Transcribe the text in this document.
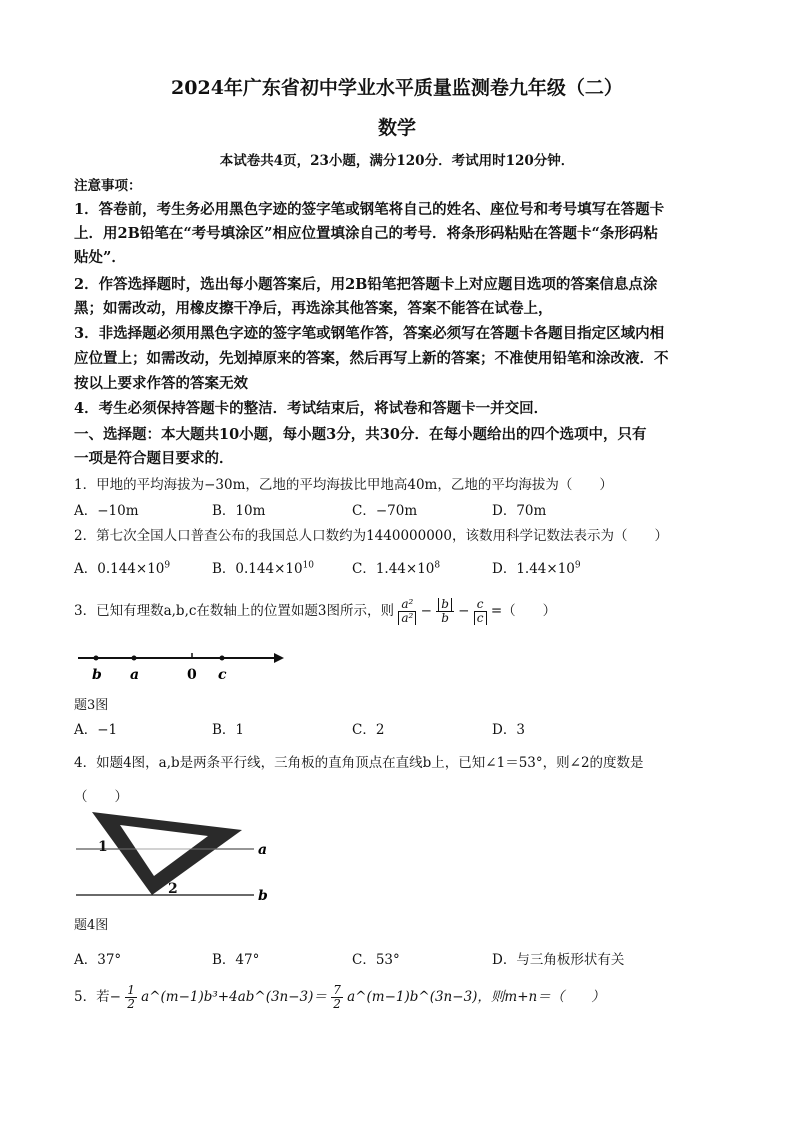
2024年广东省初中学业水平质量监测卷九年级（二）
数学
本试卷共4页，23小题，满分120分．考试用时120分钟．
注意事项：
1．答卷前，考生务必用黑色字迹的签字笔或钢笔将自己的姓名、座位号和考号填写在答题卡
上．用2B铅笔在“考号填涂区”相应位置填涂自己的考号．将条形码粘贴在答题卡“条形码粘
贴处”．
2．作答选择题时，选出每小题答案后，用2B铅笔把答题卡上对应题目选项的答案信息点涂
黑；如需改动，用橡皮擦干净后，再选涂其他答案，答案不能答在试卷上，
3．非选择题必须用黑色字迹的签字笔或钢笔作答，答案必须写在答题卡各题目指定区域内相
应位置上；如需改动，先划掉原来的答案，然后再写上新的答案；不准使用铅笔和涂改液．不
按以上要求作答的答案无效
4．考生必须保持答题卡的整洁．考试结束后，将试卷和答题卡一并交回．
一、选择题：本大题共10小题，每小题3分，共30分．在每小题给出的四个选项中，只有
一项是符合题目要求的．
1．甲地的平均海拔为−30m，乙地的平均海拔比甲地高40m，乙地的平均海拔为（　　）
A．−10m	B．10m	C．−70m	D．70m
2．第七次全国人口普查公布的我国总人口数约为1440000000，该数用科学记数法表示为（　　）
A．$0.144\times 10^9$	B．$0.144\times 10^{10}$	C．$1.44\times 10^8$	D．$1.44\times 10^9$
3．已知有理数a,b,c在数轴上的位置如题3图所示，则 $\frac{\text{a²}}{\text{a²}} - \frac{b}{b} - \frac{c}{c}$ =（　　）
b a	0 c
题3图
A．−1	B．1	C．2	D．3
4．如题4图，a,b是两条平行线，三角板的直角顶点在直线b上，已知∠1＝53°，则∠2的度数是
（　　）
1
2
a
b
题4图
A．37°	B．47°	C．53°	D．与三角板形状有关
5．若− $\frac{1}{2}$ a^(m−1)b³+4ab^(3n−3)＝ $\frac{7}{2}$ a^(m−1)b^(3n−3)，则m+n＝（　　）
